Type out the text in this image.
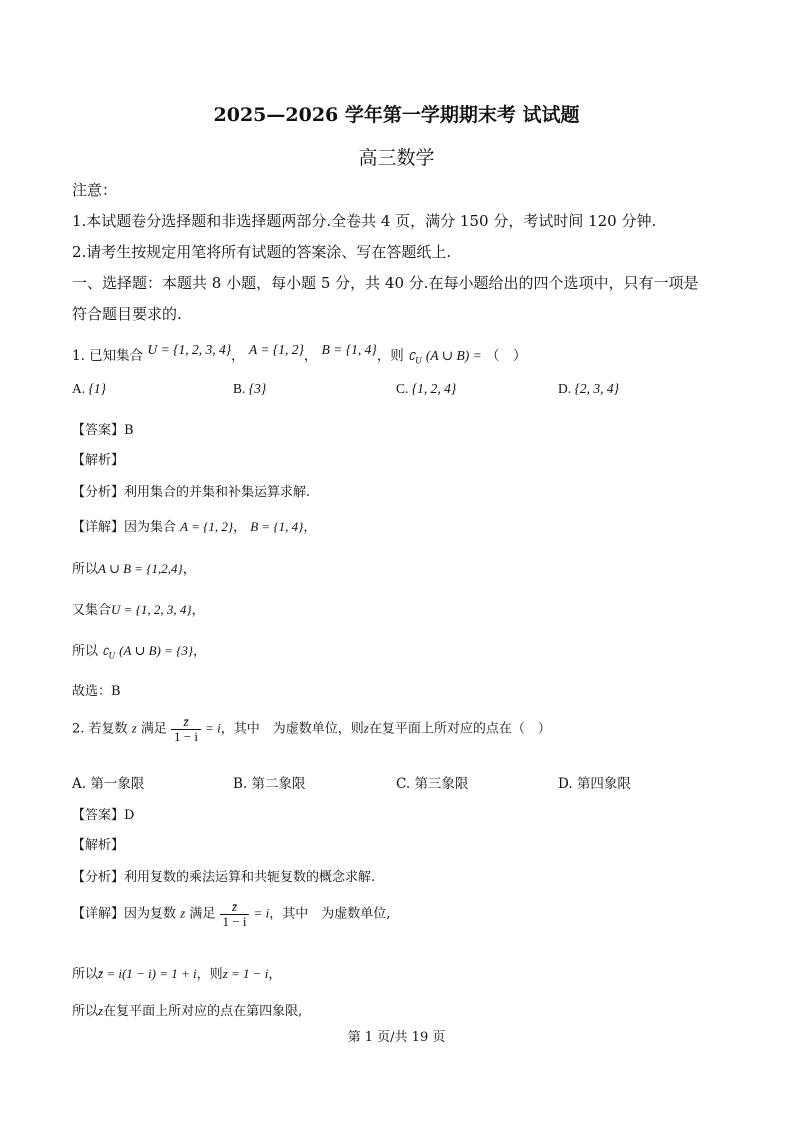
2025—2026 学年第一学期期末考 试试题
高三数学
注意：
1.本试题卷分选择题和非选择题两部分.全卷共 4 页，满分 150 分，考试时间 120 分钟.
2.请考生按规定用笔将所有试题的答案涂、写在答题纸上.
一、选择题：本题共 8 小题，每小题 5 分，共 40 分.在每小题给出的四个选项中，只有一项是
符合题目要求的.
1. 已知集合 U = {1, 2, 3, 4}， A = {1, 2}， B = {1, 4}，则 $∁_U$ (A ∪ B) = （　）
A. {1}	B. {3}	C. {1, 2, 4}	D. {2, 3, 4}
【答案】B
【解析】
【分析】利用集合的并集和补集运算求解.
【详解】因为集合 A = {1, 2}， B = {1, 4}，
所以A ∪ B = {1,2,4}，
又集合U = {1, 2, 3, 4}，
所以 $∁_U$ (A ∪ B) = {3}，
故选：B
2. 若复数 z 满足 $\frac{z̄}{1 - i} = i$，其中　为虚数单位，则z在复平面上所对应的点在（　）
A. 第一象限	B. 第二象限	C. 第三象限	D. 第四象限
【答案】D
【解析】
【分析】利用复数的乘法运算和共轭复数的概念求解.
【详解】因为复数 z 满足 $\frac{z̄}{1 - i} = i$，其中　为虚数单位,
所以z̄ = i(1 − i) = 1 + i，则z = 1 − i，
所以z在复平面上所对应的点在第四象限,
第 1 页/共 19 页
